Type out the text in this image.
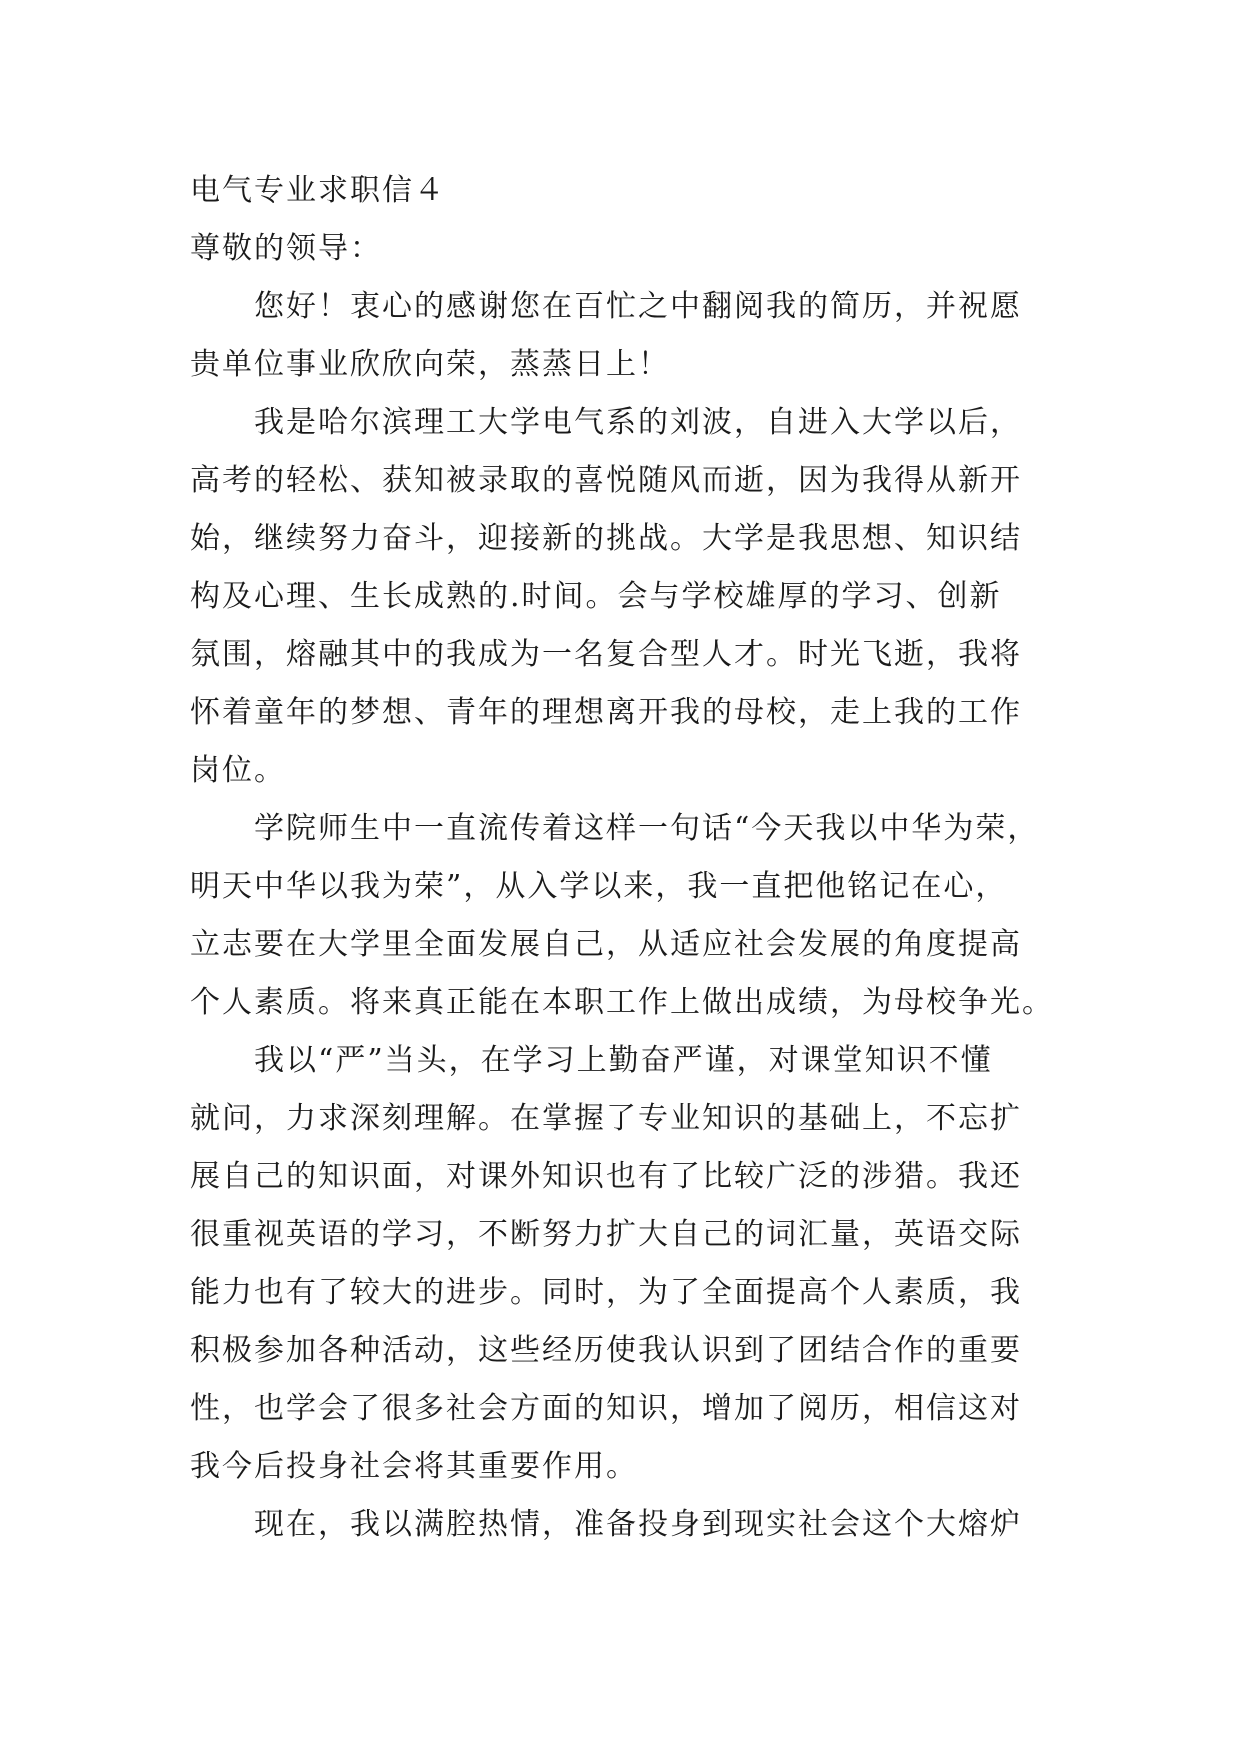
电气专业求职信４
尊敬的领导：
您好！衷心的感谢您在百忙之中翻阅我的简历，并祝愿
贵单位事业欣欣向荣，蒸蒸日上！
我是哈尔滨理工大学电气系的刘波，自进入大学以后，
高考的轻松、获知被录取的喜悦随风而逝，因为我得从新开
始，继续努力奋斗，迎接新的挑战。大学是我思想、知识结
构及心理、生长成熟的.时间。会与学校雄厚的学习、创新
氛围，熔融其中的我成为一名复合型人才。时光飞逝，我将
怀着童年的梦想、青年的理想离开我的母校，走上我的工作
岗位。
学院师生中一直流传着这样一句话“今天我以中华为荣，
明天中华以我为荣”，从入学以来，我一直把他铭记在心，
立志要在大学里全面发展自己，从适应社会发展的角度提高
个人素质。将来真正能在本职工作上做出成绩，为母校争光。
我以“严”当头，在学习上勤奋严谨，对课堂知识不懂
就问，力求深刻理解。在掌握了专业知识的基础上，不忘扩
展自己的知识面，对课外知识也有了比较广泛的涉猎。我还
很重视英语的学习，不断努力扩大自己的词汇量，英语交际
能力也有了较大的进步。同时，为了全面提高个人素质，我
积极参加各种活动，这些经历使我认识到了团结合作的重要
性，也学会了很多社会方面的知识，增加了阅历，相信这对
我今后投身社会将其重要作用。
现在，我以满腔热情，准备投身到现实社会这个大熔炉
